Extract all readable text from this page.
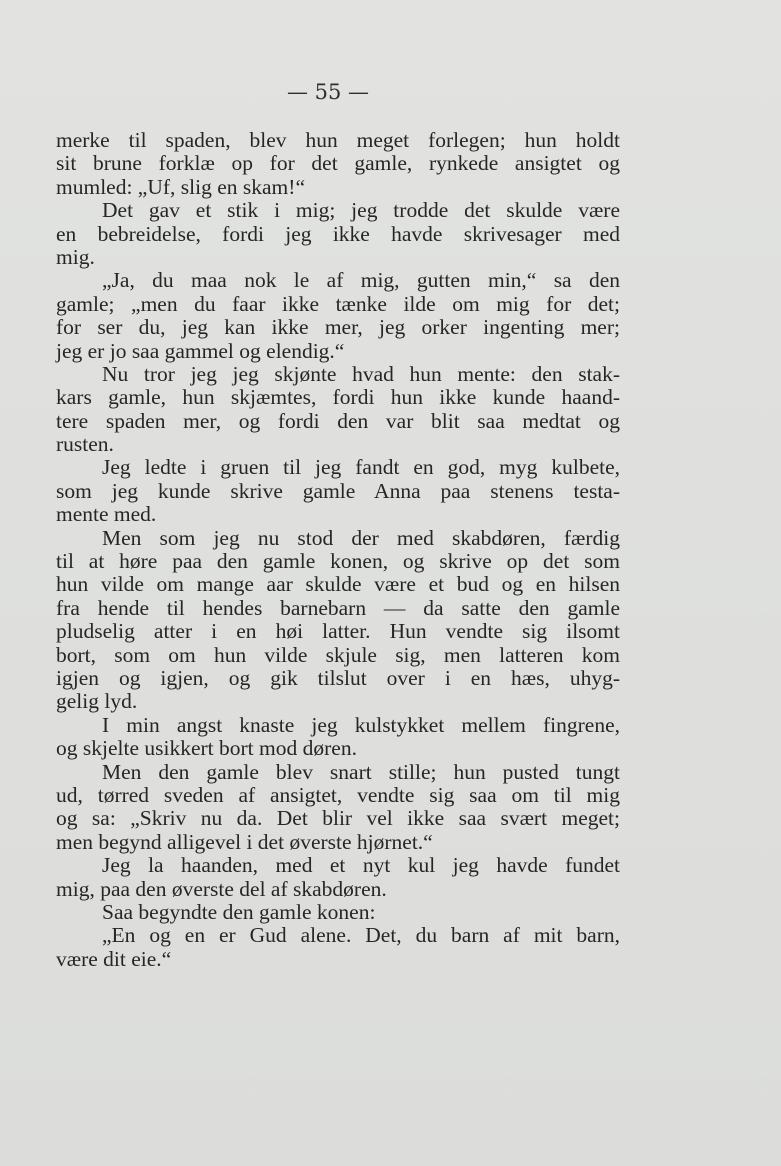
— 55 —
merke til spaden, blev hun meget forlegen; hun holdt
sit brune forklæ op for det gamle, rynkede ansigtet og
mumled: „Uf, slig en skam!“
Det gav et stik i mig; jeg trodde det skulde være
en bebreidelse, fordi jeg ikke havde skrivesager med
mig.
„Ja, du maa nok le af mig, gutten min,“ sa den
gamle; „men du faar ikke tænke ilde om mig for det;
for ser du, jeg kan ikke mer, jeg orker ingenting mer;
jeg er jo saa gammel og elendig.“
Nu tror jeg jeg skjønte hvad hun mente: den stak-
kars gamle, hun skjæmtes, fordi hun ikke kunde haand-
tere spaden mer, og fordi den var blit saa medtat og
rusten.
Jeg ledte i gruen til jeg fandt en god, myg kulbete,
som jeg kunde skrive gamle Anna paa stenens testa-
mente med.
Men som jeg nu stod der med skabdøren, færdig
til at høre paa den gamle konen, og skrive op det som
hun vilde om mange aar skulde være et bud og en hilsen
fra hende til hendes barnebarn — da satte den gamle
pludselig atter i en høi latter. Hun vendte sig ilsomt
bort, som om hun vilde skjule sig, men latteren kom
igjen og igjen, og gik tilslut over i en hæs, uhyg-
gelig lyd.
I min angst knaste jeg kulstykket mellem fingrene,
og skjelte usikkert bort mod døren.
Men den gamle blev snart stille; hun pusted tungt
ud, tørred sveden af ansigtet, vendte sig saa om til mig
og sa: „Skriv nu da. Det blir vel ikke saa svært meget;
men begynd alligevel i det øverste hjørnet.“
Jeg la haanden, med et nyt kul jeg havde fundet
mig, paa den øverste del af skabdøren.
Saa begyndte den gamle konen:
„En og en er Gud alene. Det, du barn af mit barn,
være dit eie.“
